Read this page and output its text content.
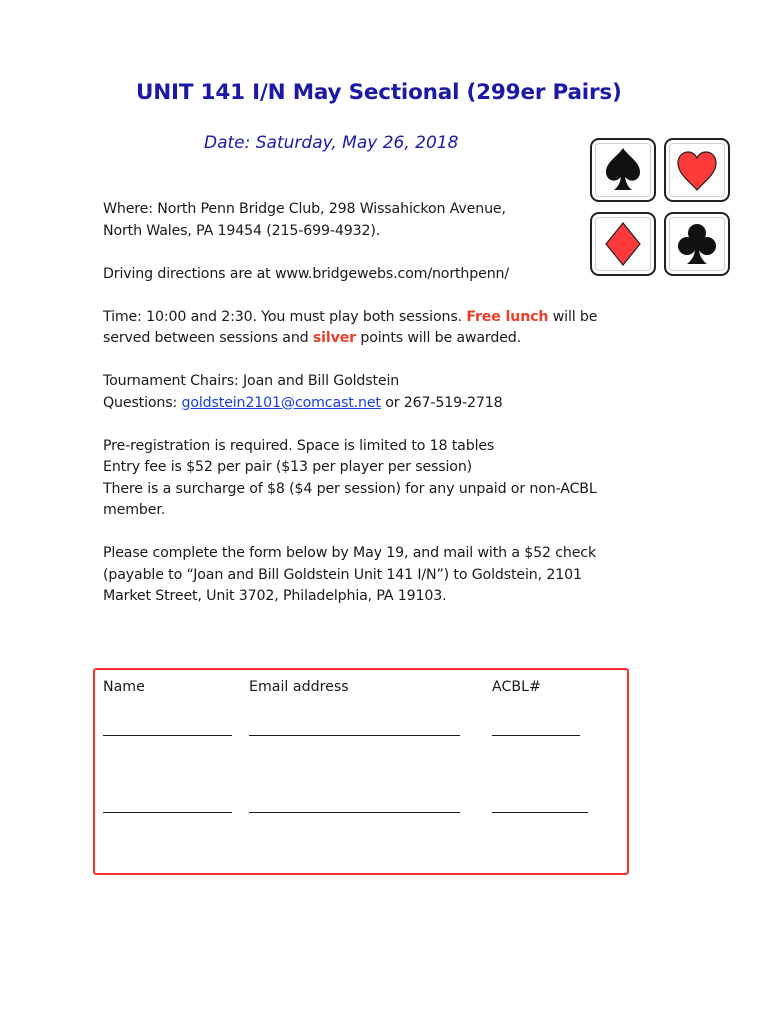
UNIT 141 I/N May Sectional (299er Pairs)
Date: Saturday, May 26, 2018

Where: North Penn Bridge Club, 298 Wissahickon Avenue,

North Wales, PA 19454 (215-699-4932).

Driving directions are at www.bridgewebs.com/northpenn/

Time: 10:00 and 2:30. You must play both sessions. Free lunch will be

served between sessions and silver points will be awarded.

Tournament Chairs: Joan and Bill Goldstein

Questions: goldstein2101@comcast.net or 267-519-2718

Pre-registration is required. Space is limited to 18 tables

Entry fee is $52 per pair ($13 per player per session)

There is a surcharge of $8 ($4 per session) for any unpaid or non-ACBL

member.

Please complete the form below by May 19, and mail with a $52 check

(payable to “Joan and Bill Goldstein Unit 141 I/N”) to Goldstein, 2101

Market Street, Unit 3702, Philadelphia, PA 19103.

Name	Email address	ACBL#
